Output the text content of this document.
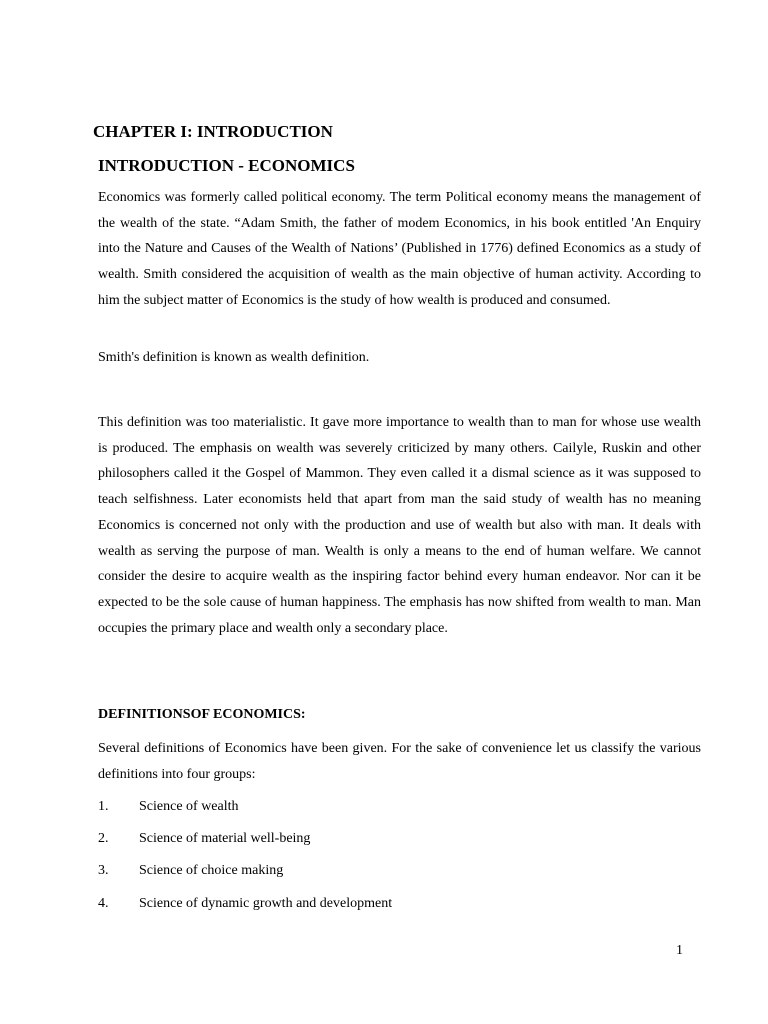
CHAPTER I: INTRODUCTION
INTRODUCTION - ECONOMICS

Economics was formerly called political economy. The term Political economy means the management of the wealth of the state. “Adam Smith, the father of modem Economics, in his book entitled 'An Enquiry into the Nature and Causes of the Wealth of Nations’ (Published in 1776) defined Economics as a study of wealth. Smith considered the acquisition of wealth as the main objective of human activity. According to him the subject matter of Economics is the study of how wealth is produced and consumed.

Smith's definition is known as wealth definition.

This definition was too materialistic. It gave more importance to wealth than to man for whose use wealth is produced. The emphasis on wealth was severely criticized by many others. Cailyle, Ruskin and other philosophers called it the Gospel of Mammon. They even called it a dismal science as it was supposed to teach selfishness. Later economists held that apart from man the said study of wealth has no meaning Economics is concerned not only with the production and use of wealth but also with man. It deals with wealth as serving the purpose of man. Wealth is only a means to the end of human welfare. We cannot consider the desire to acquire wealth as the inspiring factor behind every human endeavor. Nor can it be expected to be the sole cause of human happiness. The emphasis has now shifted from wealth to man. Man occupies the primary place and wealth only a secondary place.

DEFINITIONSOF ECONOMICS:

Several definitions of Economics have been given. For the sake of convenience let us classify the various definitions into four groups:

1.	Science of wealth
2.	Science of material well-being
3.	Science of choice making
4.	Science of dynamic growth and development
1
